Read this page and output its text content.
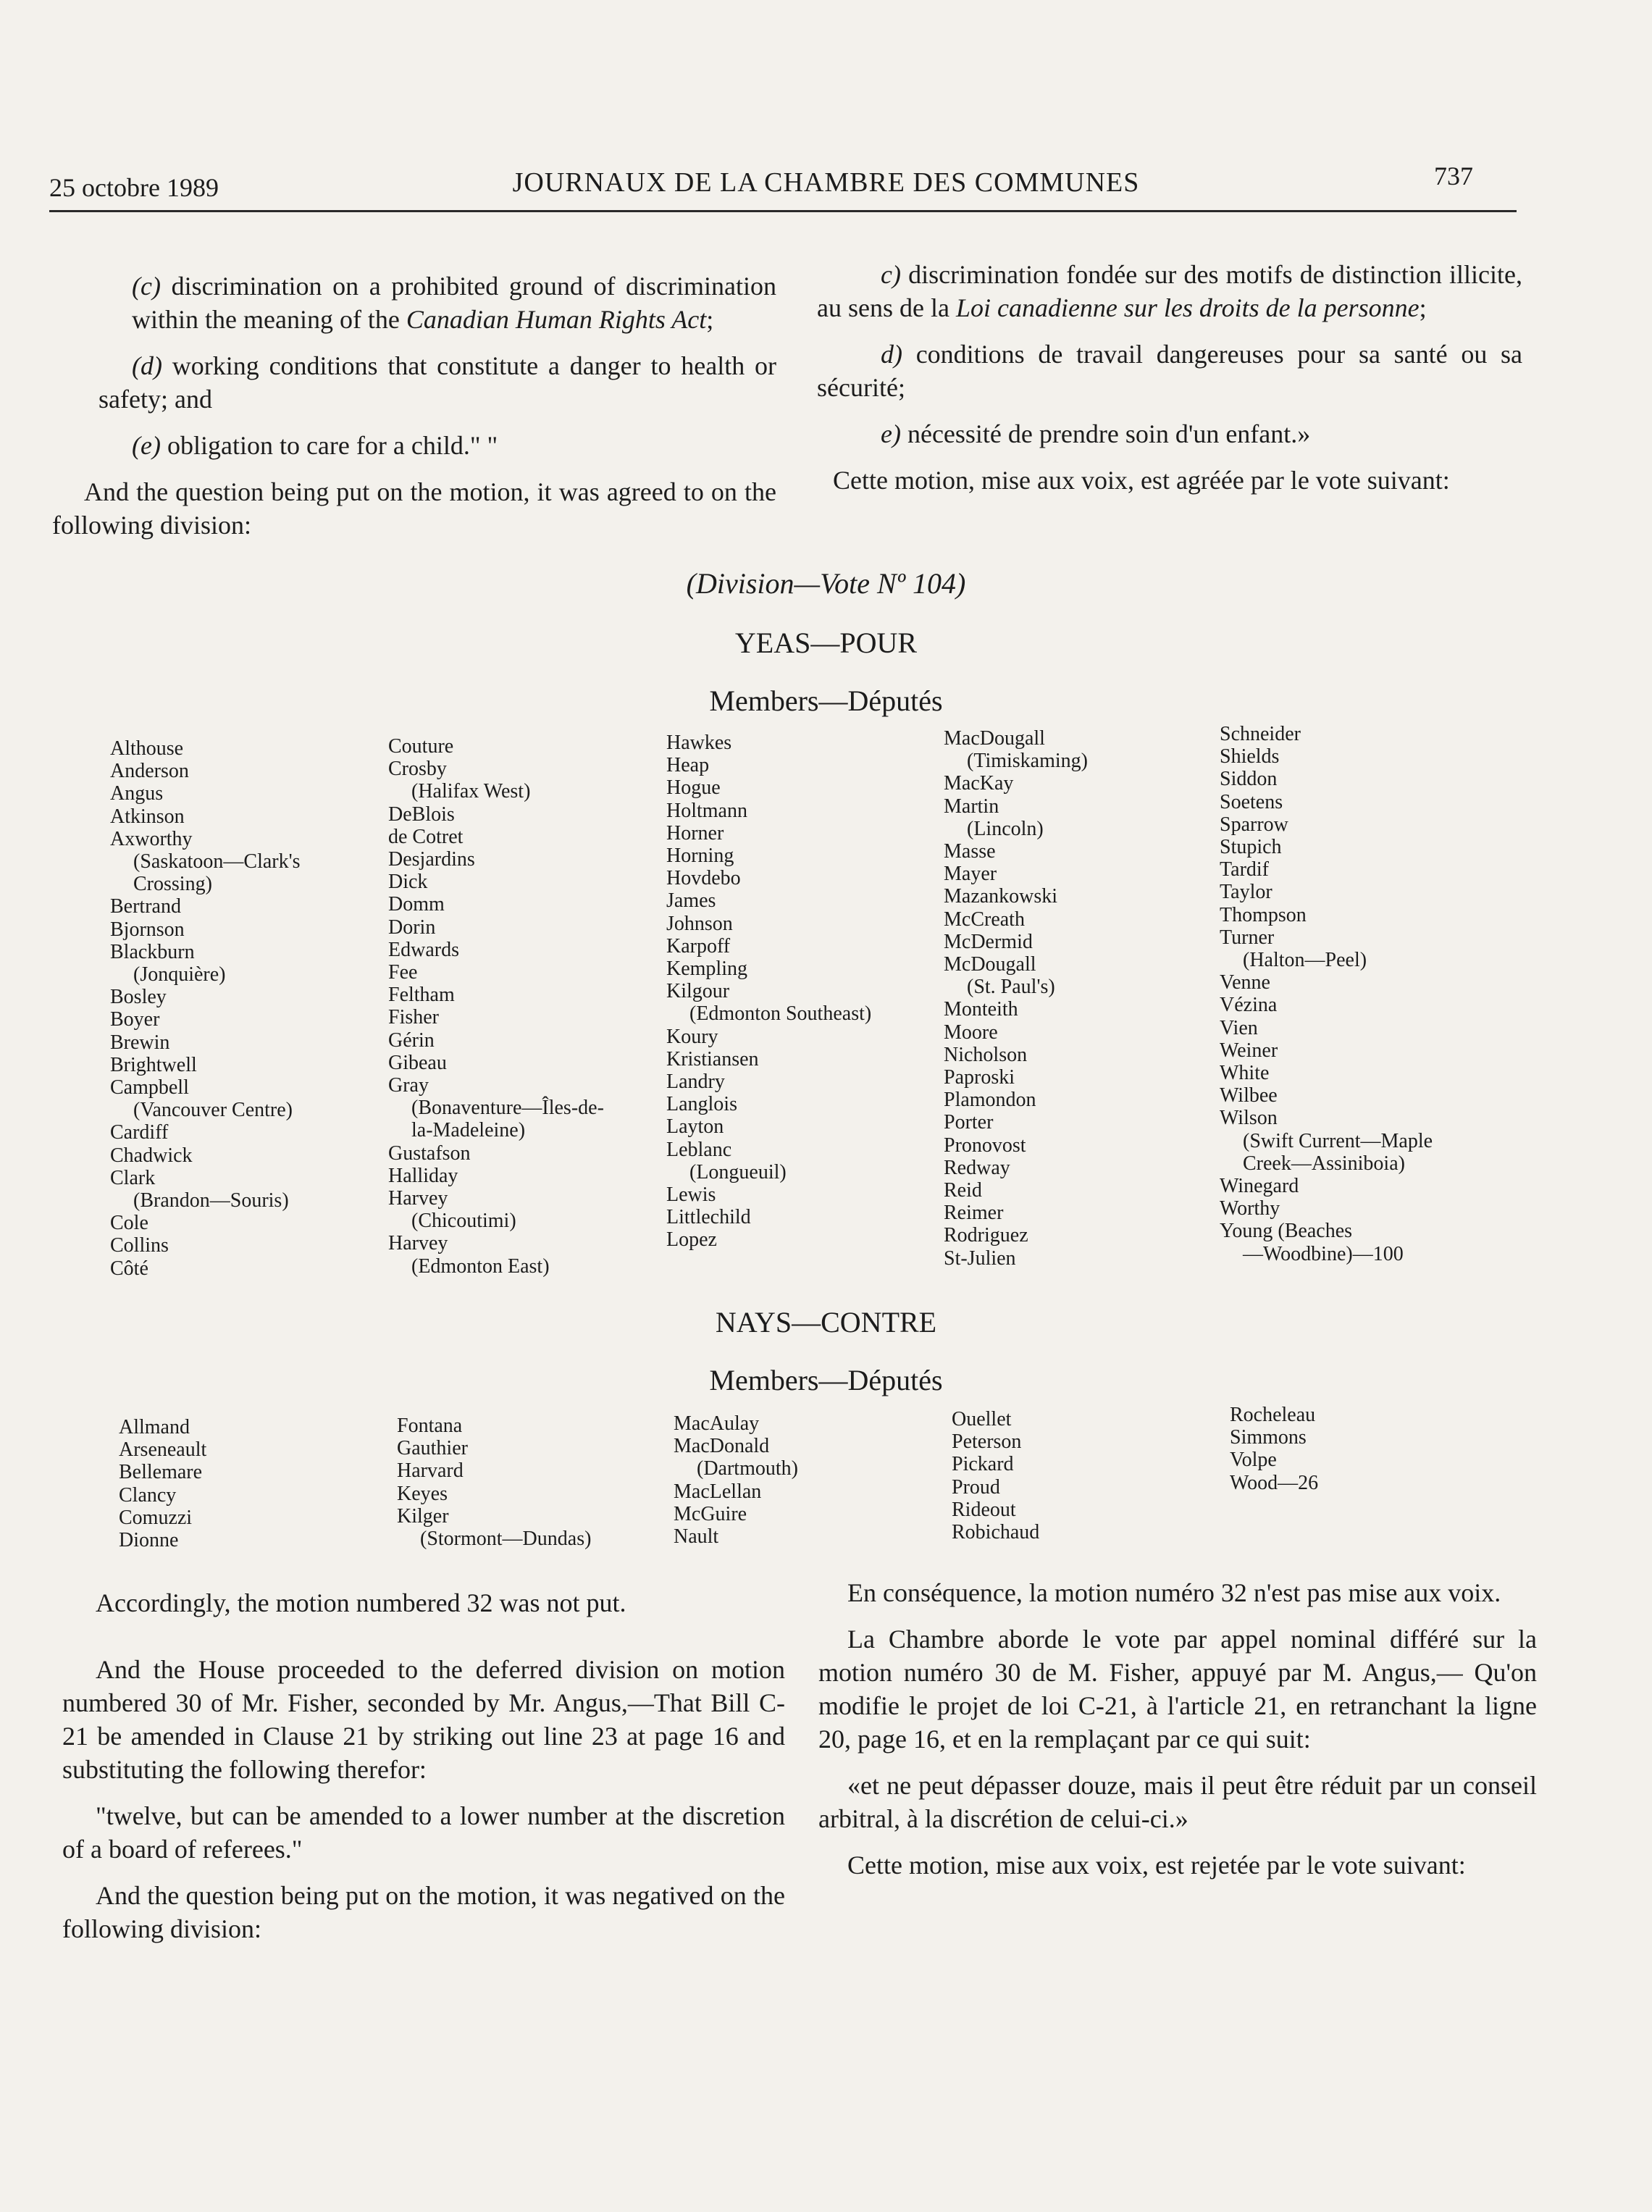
25 octobre 1989	JOURNAUX DE LA CHAMBRE DES COMMUNES	737

(c) discrimination on a prohibited ground of discrimination within the meaning of the Canadian Human Rights Act;

(d) working conditions that constitute a danger to health or safety; and

(e) obligation to care for a child." "

And the question being put on the motion, it was agreed to on the following division:

c) discrimination fondée sur des motifs de distinction illicite, au sens de la Loi canadienne sur les droits de la personne;

d) conditions de travail dangereuses pour sa santé ou sa sécurité;

e) nécessité de prendre soin d'un enfant.»

Cette motion, mise aux voix, est agréée par le vote suivant:

(Division—Vote Nº 104)
YEAS—POUR
Members—Députés
Althouse
Anderson
Angus
Atkinson
Axworthy
(Saskatoon—Clark's
Crossing)
Bertrand
Bjornson
Blackburn
(Jonquière)
Bosley
Boyer
Brewin
Brightwell
Campbell
(Vancouver Centre)
Cardiff
Chadwick
Clark
(Brandon—Souris)
Cole
Collins
Côté
Couture
Crosby
(Halifax West)
DeBlois
de Cotret
Desjardins
Dick
Domm
Dorin
Edwards
Fee
Feltham
Fisher
Gérin
Gibeau
Gray
(Bonaventure—Îles-de-
la-Madeleine)
Gustafson
Halliday
Harvey
(Chicoutimi)
Harvey
(Edmonton East)
Hawkes
Heap
Hogue
Holtmann
Horner
Horning
Hovdebo
James
Johnson
Karpoff
Kempling
Kilgour
(Edmonton Southeast)
Koury
Kristiansen
Landry
Langlois
Layton
Leblanc
(Longueuil)
Lewis
Littlechild
Lopez
MacDougall
(Timiskaming)
MacKay
Martin
(Lincoln)
Masse
Mayer
Mazankowski
McCreath
McDermid
McDougall
(St. Paul's)
Monteith
Moore
Nicholson
Paproski
Plamondon
Porter
Pronovost
Redway
Reid
Reimer
Rodriguez
St-Julien
Schneider
Shields
Siddon
Soetens
Sparrow
Stupich
Tardif
Taylor
Thompson
Turner
(Halton—Peel)
Venne
Vézina
Vien
Weiner
White
Wilbee
Wilson
(Swift Current—Maple
Creek—Assiniboia)
Winegard
Worthy
Young (Beaches
—Woodbine)—100
NAYS—CONTRE
Members—Députés
Allmand
Arseneault
Bellemare
Clancy
Comuzzi
Dionne
Fontana
Gauthier
Harvard
Keyes
Kilger
(Stormont—Dundas)
MacAulay
MacDonald
(Dartmouth)
MacLellan
McGuire
Nault
Ouellet
Peterson
Pickard
Proud
Rideout
Robichaud
Rocheleau
Simmons
Volpe
Wood—26

Accordingly, the motion numbered 32 was not put.

And the House proceeded to the deferred division on motion numbered 30 of Mr. Fisher, seconded by Mr. Angus,—That Bill C-21 be amended in Clause 21 by striking out line 23 at page 16 and substituting the following therefor:

"twelve, but can be amended to a lower number at the discretion of a board of referees."

And the question being put on the motion, it was negatived on the following division:

En conséquence, la motion numéro 32 n'est pas mise aux voix.

La Chambre aborde le vote par appel nominal différé sur la motion numéro 30 de M. Fisher, appuyé par M. Angus,— Qu'on modifie le projet de loi C-21, à l'article 21, en retranchant la ligne 20, page 16, et en la remplaçant par ce qui suit:

«et ne peut dépasser douze, mais il peut être réduit par un conseil arbitral, à la discrétion de celui-ci.»

Cette motion, mise aux voix, est rejetée par le vote suivant:
